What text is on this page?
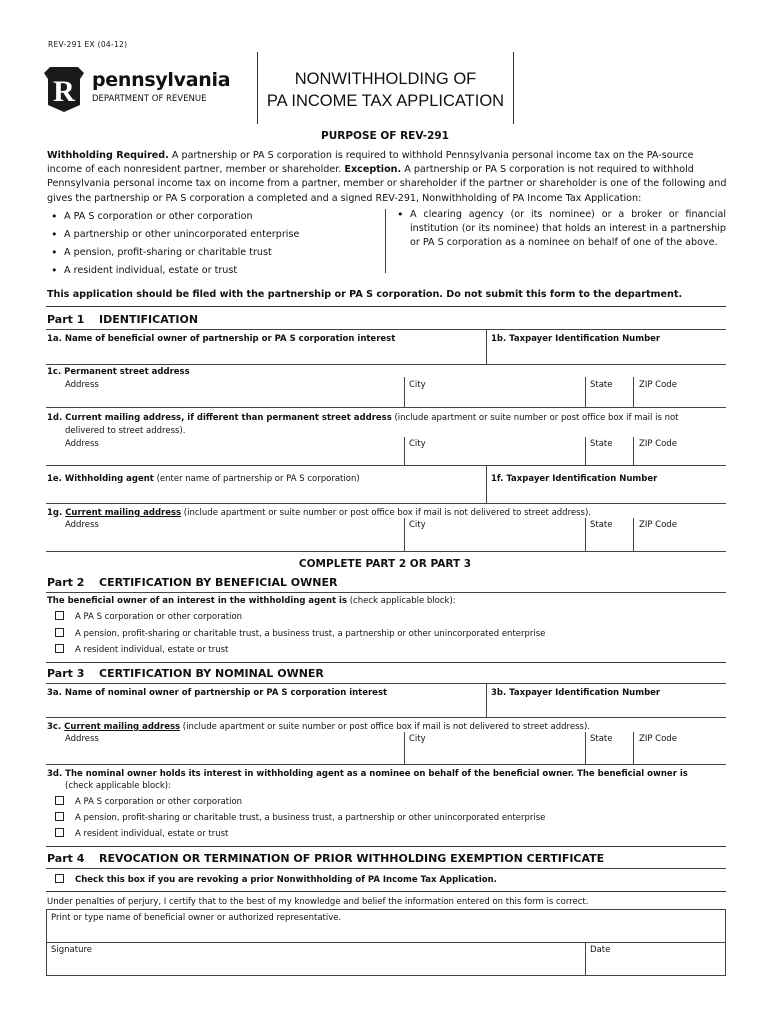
REV-291 EX (04-12)
R pennsylvania
DEPARTMENT OF REVENUE
NONWITHHOLDING OF
PA INCOME TAX APPLICATION
PURPOSE OF REV-291
Withholding Required. A partnership or PA S corporation is required to withhold Pennsylvania personal income tax on the PA-source income of each nonresident partner, member or shareholder. Exception. A partnership or PA S corporation is not required to withhold Pennsylvania personal income tax on income from a partner, member or shareholder if the partner or shareholder is one of the following and gives the partnership or PA S corporation a completed and a signed REV-291, Nonwithholding of PA Income Tax Application:
• A PA S corporation or other corporation
• A partnership or other unincorporated enterprise
• A pension, profit-sharing or charitable trust
• A resident individual, estate or trust
• A clearing agency (or its nominee) or a broker or financial institution (or its nominee) that holds an interest in a partnership or PA S corporation as a nominee on behalf of one of the above.
This application should be filed with the partnership or PA S corporation. Do not submit this form to the department.
Part 1 IDENTIFICATION
1a. Name of beneficial owner of partnership or PA S corporation interest	1b. Taxpayer Identification Number
1c. Permanent street address
Address	City	State	ZIP Code
1d. Current mailing address, if different than permanent street address (include apartment or suite number or post office box if mail is not
delivered to street address).
Address	City	State	ZIP Code
1e. Withholding agent (enter name of partnership or PA S corporation)	1f. Taxpayer Identification Number
1g. Current mailing address (include apartment or suite number or post office box if mail is not delivered to street address).
Address	City	State	ZIP Code
COMPLETE PART 2 OR PART 3
Part 2 CERTIFICATION BY BENEFICIAL OWNER
The beneficial owner of an interest in the withholding agent is (check applicable block):
A PA S corporation or other corporation
A pension, profit-sharing or charitable trust, a business trust, a partnership or other unincorporated enterprise
A resident individual, estate or trust
Part 3 CERTIFICATION BY NOMINAL OWNER
3a. Name of nominal owner of partnership or PA S corporation interest	3b. Taxpayer Identification Number
3c. Current mailing address (include apartment or suite number or post office box if mail is not delivered to street address).
Address	City	State	ZIP Code
3d. The nominal owner holds its interest in withholding agent as a nominee on behalf of the beneficial owner. The beneficial owner is
(check applicable block):
A PA S corporation or other corporation
A pension, profit-sharing or charitable trust, a business trust, a partnership or other unincorporated enterprise
A resident individual, estate or trust
Part 4 REVOCATION OR TERMINATION OF PRIOR WITHHOLDING EXEMPTION CERTIFICATE
Check this box if you are revoking a prior Nonwithholding of PA Income Tax Application.
Under penalties of perjury, I certify that to the best of my knowledge and belief the information entered on this form is correct.
Print or type name of beneficial owner or authorized representative.
Signature	Date
